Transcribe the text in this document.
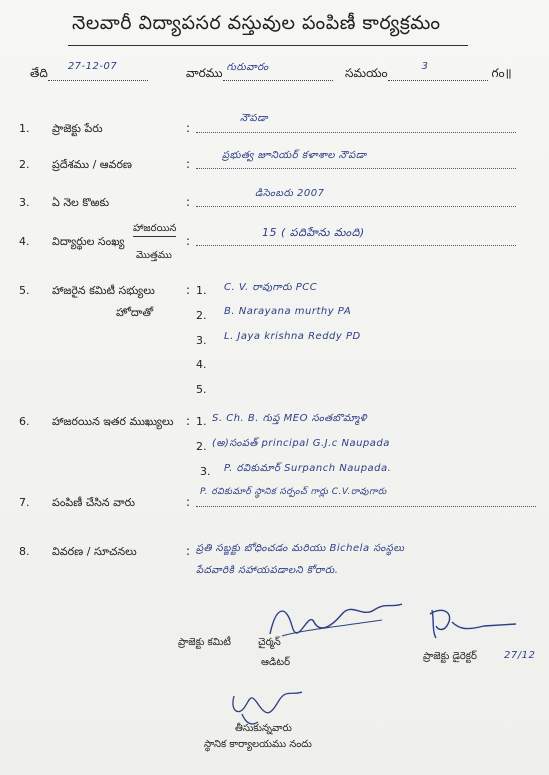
నెలవారీ విద్యాపసర వస్తువుల పంపిణీ కార్యక్రమం
తేది 27-12-07
	వారము గురువారం
	సమయం	3	గం॥
1. ప్రాజెక్టు పేరు	:
నౌపడా
2. ప్రదేశము / ఆవరణ	:
ప్రభుత్వ జూనియర్ కళాశాల నౌపడా
3. ఏ నెల కొఱకు	:
డిసెంబరు 2007
4. విద్యార్థుల సంఖ్య
హాజరయిన
మొత్తము
:
15 ( పదిహేను మంది)
5. హాజరైన కమిటీ సభ్యులు
హోదాతో
: 1. C. V. రావుగారు PCC
2. B. Narayana murthy PA
3. L. Jaya krishna Reddy PD
4.
5.
6. హాజరయిన ఇతర ముఖ్యులు : 1. S. Ch. B. గుప్త MEO సంతబొమ్మాళి
2. (అ)సంపత్ principal G.J.c Naupada
3. P. రవికుమార్ Surpanch Naupada.
7. పంపిణీ చేసిన వారు	:
P. రవికుమార్ స్థానిక సర్పంచ్ గార్లు C.V.రావుగారు
8. వివరణ / సూచనలు	: ప్రతి సబ్జక్టు బోధించడం మరియు Bichela సంస్థలు
పేదవారికి సహాయపడాలని కోరారు.
ప్రాజెక్టు కమిటీ	చైర్మన్
ఆడిటర్
ప్రాజెక్టు డైరెక్టర్	27/12
తీసుకున్నవారు
స్థానిక కార్యాలయము నందు
